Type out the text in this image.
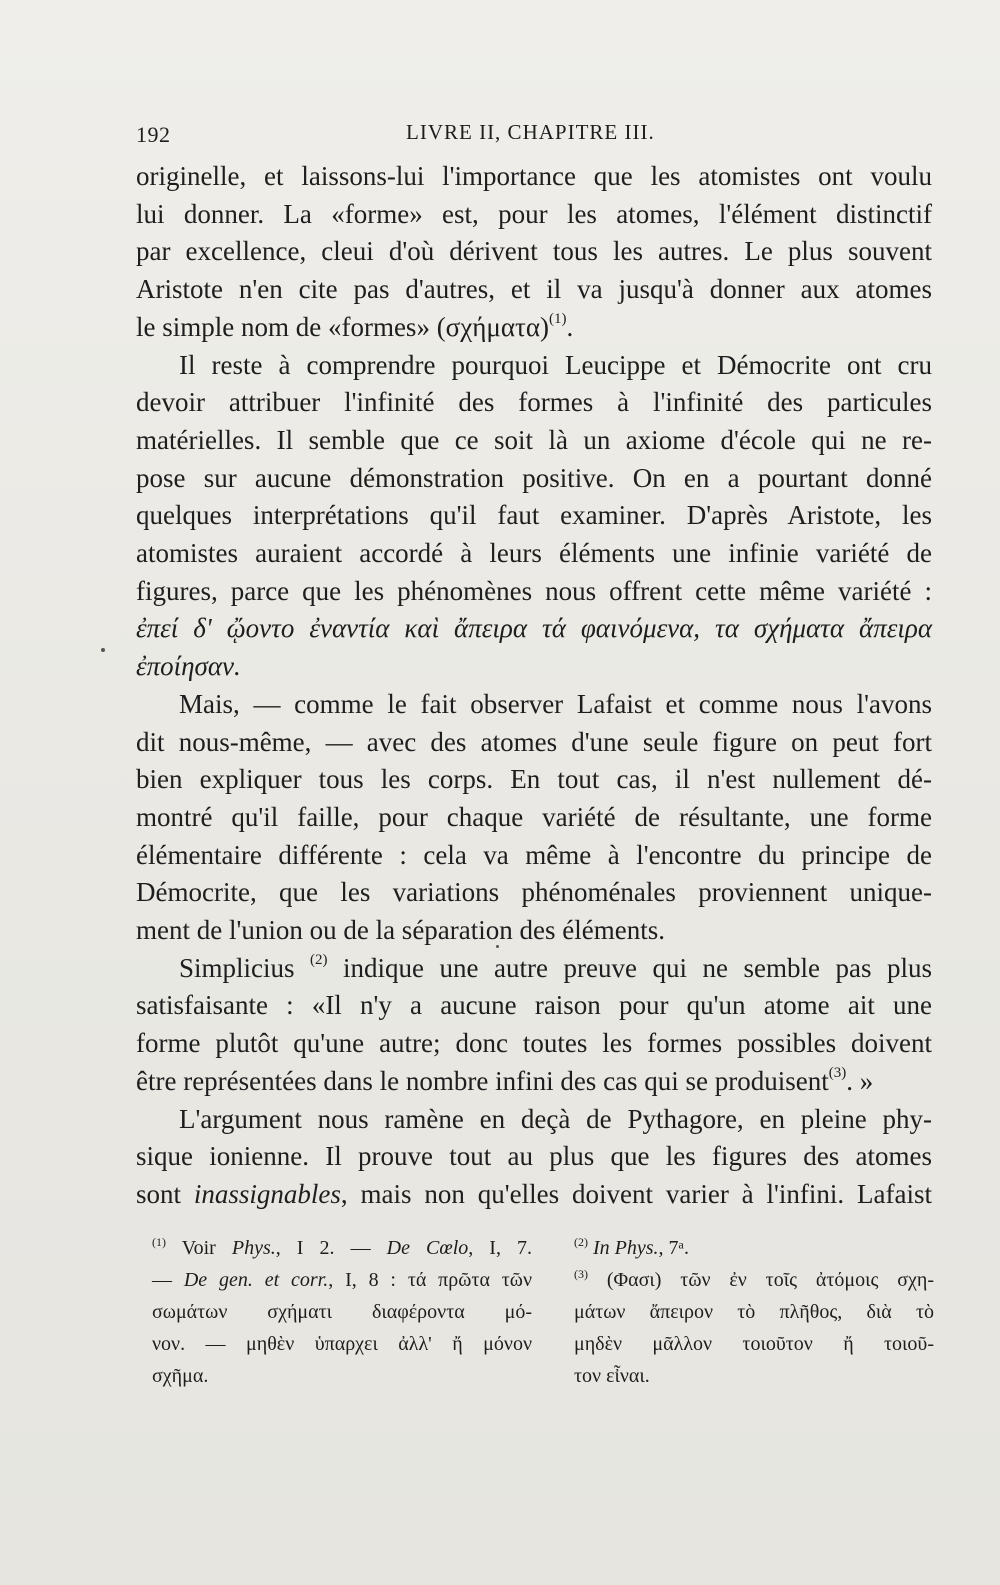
192	LIVRE II, CHAPITRE III.

originelle, et laissons-lui l'importance que les atomistes ont voulu

lui donner. La «forme» est, pour les atomes, l'élément distinctif

par excellence, cleui d'où dérivent tous les autres. Le plus souvent

Aristote n'en cite pas d'autres, et il va jusqu'à donner aux atomes

le simple nom de «formes» $(\sigma\chi ή\mu\alpha\tau\alpha)^{(1)}$.

Il reste à comprendre pourquoi Leucippe et Démocrite ont cru

devoir attribuer l'infinité des formes à l'infinité des particules

matérielles. Il semble que ce soit là un axiome d'école qui ne re-

pose sur aucune démonstration positive. On en a pourtant donné

quelques interprétations qu'il faut examiner. D'après Aristote, les

atomistes auraient accordé à leurs éléments une infinie variété de

figures, parce que les phénomènes nous offrent cette même variété :

ἐπεί δ' ᾤοντο ἐναντία καὶ ἄπειρα τά φαινόμενα, τα σχήματα ἄπειρα

ἐποίησαν.

Mais, — comme le fait observer Lafaist et comme nous l'avons

dit nous-même, — avec des atomes d'une seule figure on peut fort

bien expliquer tous les corps. En tout cas, il n'est nullement dé-

montré qu'il faille, pour chaque variété de résultante, une forme

élémentaire différente : cela va même à l'encontre du principe de

Démocrite, que les variations phénoménales proviennent unique-

ment de l'union ou de la séparation des éléments.

Simplicius $^{(2)}$ indique une autre preuve qui ne semble pas plus

satisfaisante : «Il n'y a aucune raison pour qu'un atome ait une

forme plutôt qu'une autre; donc toutes les formes possibles doivent

être représentées dans le nombre infini des cas qui se produisent$^{(3)}$. »

L'argument nous ramène en deçà de Pythagore, en pleine phy-

sique ionienne. Il prouve tout au plus que les figures des atomes

sont inassignables, mais non qu'elles doivent varier à l'infini. Lafaist

$^{(1)}$ Voir Phys., I 2. — De Cœlo, I, 7.

— De gen. et corr., I, 8 : τά πρῶτα τῶν

σωμάτων σχήματι διαφέροντα μό-

νον. — μηθὲν ὑπαρχει ἀλλ' ἤ μόνον

σχῆμα.

$^{(2)}$ In Phys., 7ᵃ.

$^{(3)}$ (Φασι) τῶν ἐν τοῖς ἀτόμοις σχη-

μάτων ἄπειρον τὸ πλῆθος, διὰ τὸ

μηδὲν μᾶλλον τοιοῦτον ἤ τοιοῦ-

τον εἶναι.
